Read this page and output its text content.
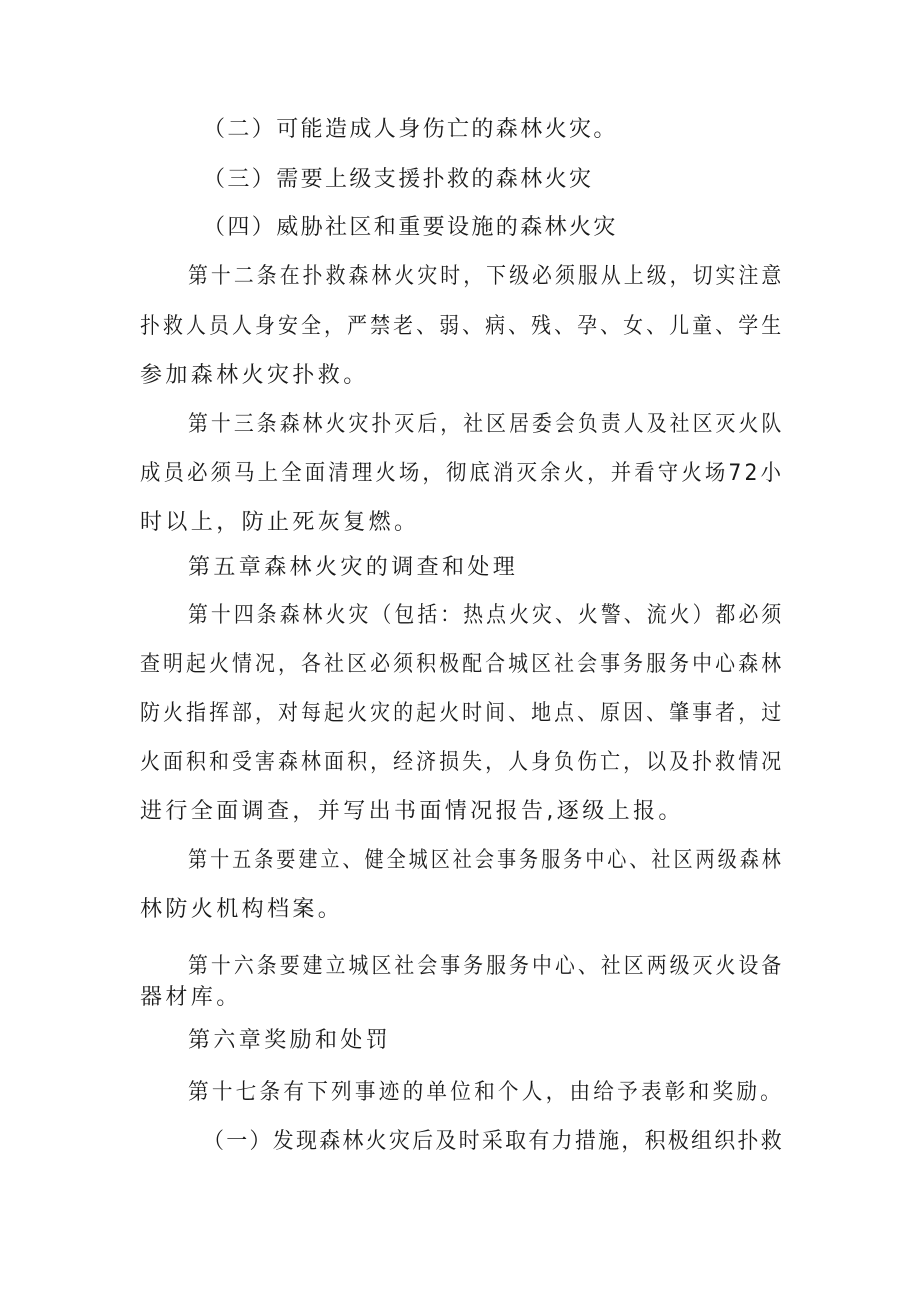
（二）可能造成人身伤亡的森林火灾。
（三）需要上级支援扑救的森林火灾
（四）威胁社区和重要设施的森林火灾
第十二条在扑救森林火灾时，下级必须服从上级，切实注意
扑救人员人身安全，严禁老、弱、病、残、孕、女、儿童、学生
参加森林火灾扑救。
第十三条森林火灾扑灭后，社区居委会负责人及社区灭火队
成员必须马上全面清理火场，彻底消灭余火，并看守火场72小
时以上，防止死灰复燃。
第五章森林火灾的调查和处理
第十四条森林火灾（包括：热点火灾、火警、流火）都必须
查明起火情况，各社区必须积极配合城区社会事务服务中心森林
防火指挥部，对每起火灾的起火时间、地点、原因、肇事者，过
火面积和受害森林面积，经济损失，人身负伤亡，以及扑救情况
进行全面调查，并写出书面情况报告,逐级上报。
第十五条要建立、健全城区社会事务服务中心、社区两级森林
林防火机构档案。
第十六条要建立城区社会事务服务中心、社区两级灭火设备
器材库。
第六章奖励和处罚
第十七条有下列事迹的单位和个人，由给予表彰和奖励。
（一）发现森林火灾后及时采取有力措施，积极组织扑救
